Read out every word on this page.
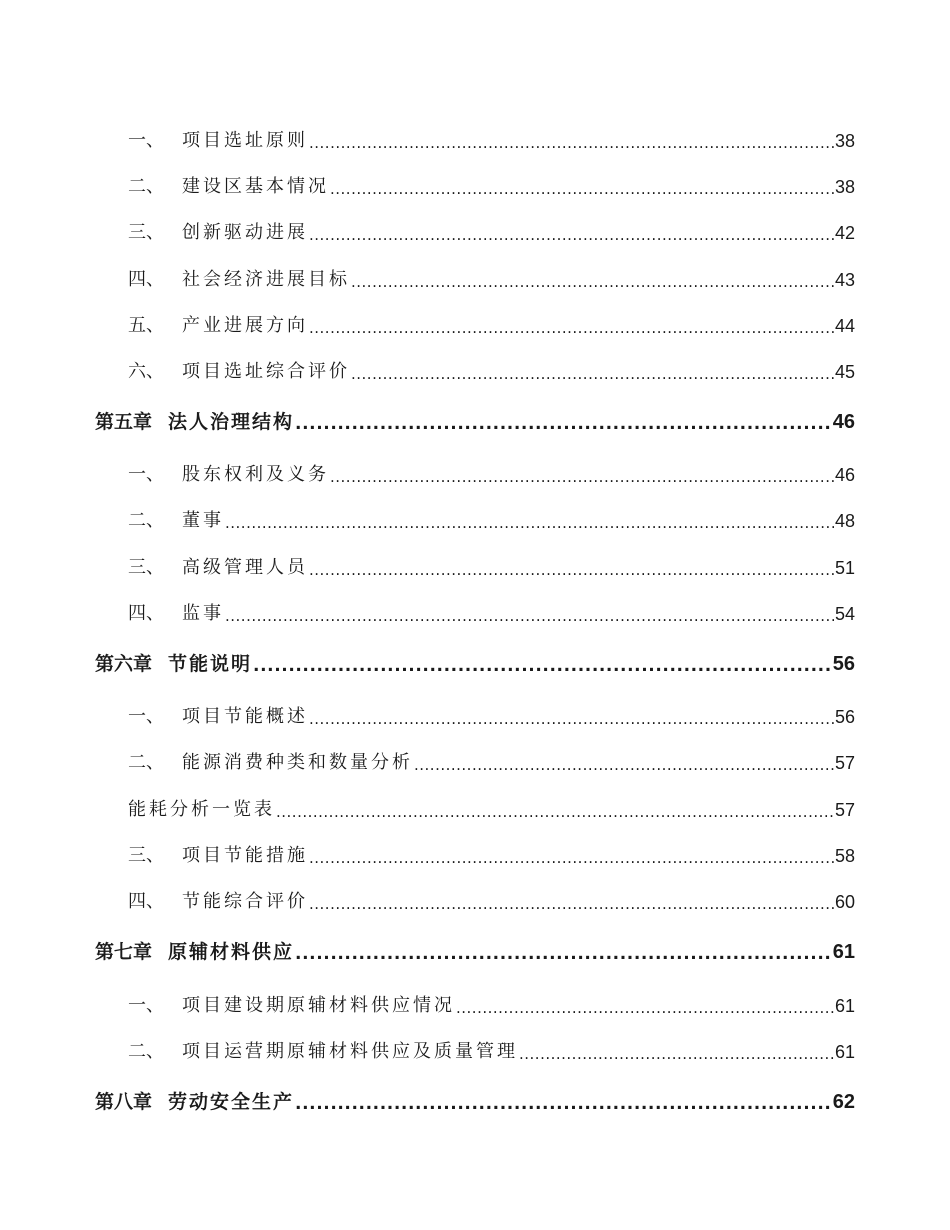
一、	项目选址原则 .....	38
二、	建设区基本情况 .....	38
三、	创新驱动进展 .....	42
四、	社会经济进展目标 .....	43
五、	产业进展方向 .....	44
六、	项目选址综合评价 .....	45
第五章 法人治理结构 .....	46
一、	股东权利及义务 .....	46
二、	董事 .....	48
三、	高级管理人员 .....	51
四、	监事 .....	54
第六章 节能说明 .....	56
一、	项目节能概述 .....	56
二、	能源消费种类和数量分析 .....	57
能耗分析一览表 .....	57
三、	项目节能措施 .....	58
四、	节能综合评价 .....	60
第七章 原辅材料供应 .....	61
一、	项目建设期原辅材料供应情况 .....	61
二、	项目运营期原辅材料供应及质量管理 .....	61
第八章 劳动安全生产 .....	62
